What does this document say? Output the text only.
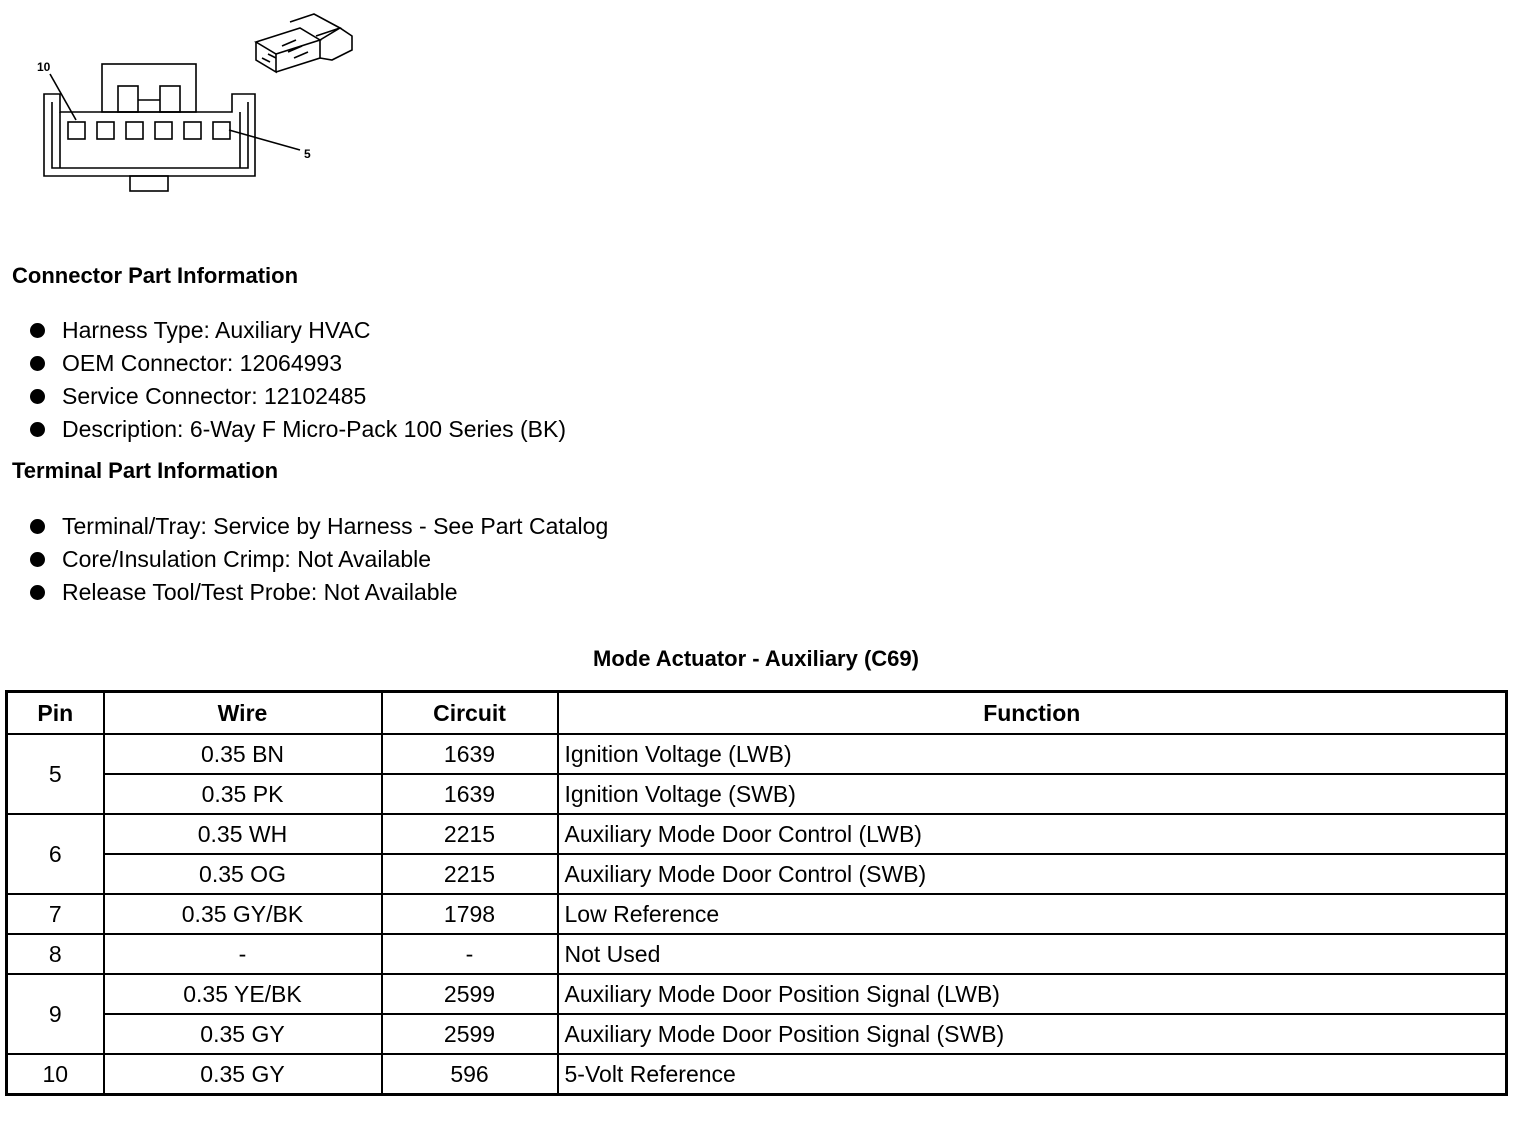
10
5
Connector Part Information
Harness Type: Auxiliary HVAC
OEM Connector: 12064993
Service Connector: 12102485
Description: 6-Way F Micro-Pack 100 Series (BK)
Terminal Part Information
Terminal/Tray: Service by Harness - See Part Catalog
Core/Insulation Crimp: Not Available
Release Tool/Test Probe: Not Available
Mode Actuator - Auxiliary (C69)
Pin	Wire	Circuit	Function
5	0.35 BN	1639	Ignition Voltage (LWB)
	0.35 PK	1639	Ignition Voltage (SWB)
6	0.35 WH	2215	Auxiliary Mode Door Control (LWB)
	0.35 OG	2215	Auxiliary Mode Door Control (SWB)
7	0.35 GY/BK	1798	Low Reference
8	-	-	Not Used
9	0.35 YE/BK	2599	Auxiliary Mode Door Position Signal (LWB)
	0.35 GY	2599	Auxiliary Mode Door Position Signal (SWB)
10	0.35 GY	596	5-Volt Reference
